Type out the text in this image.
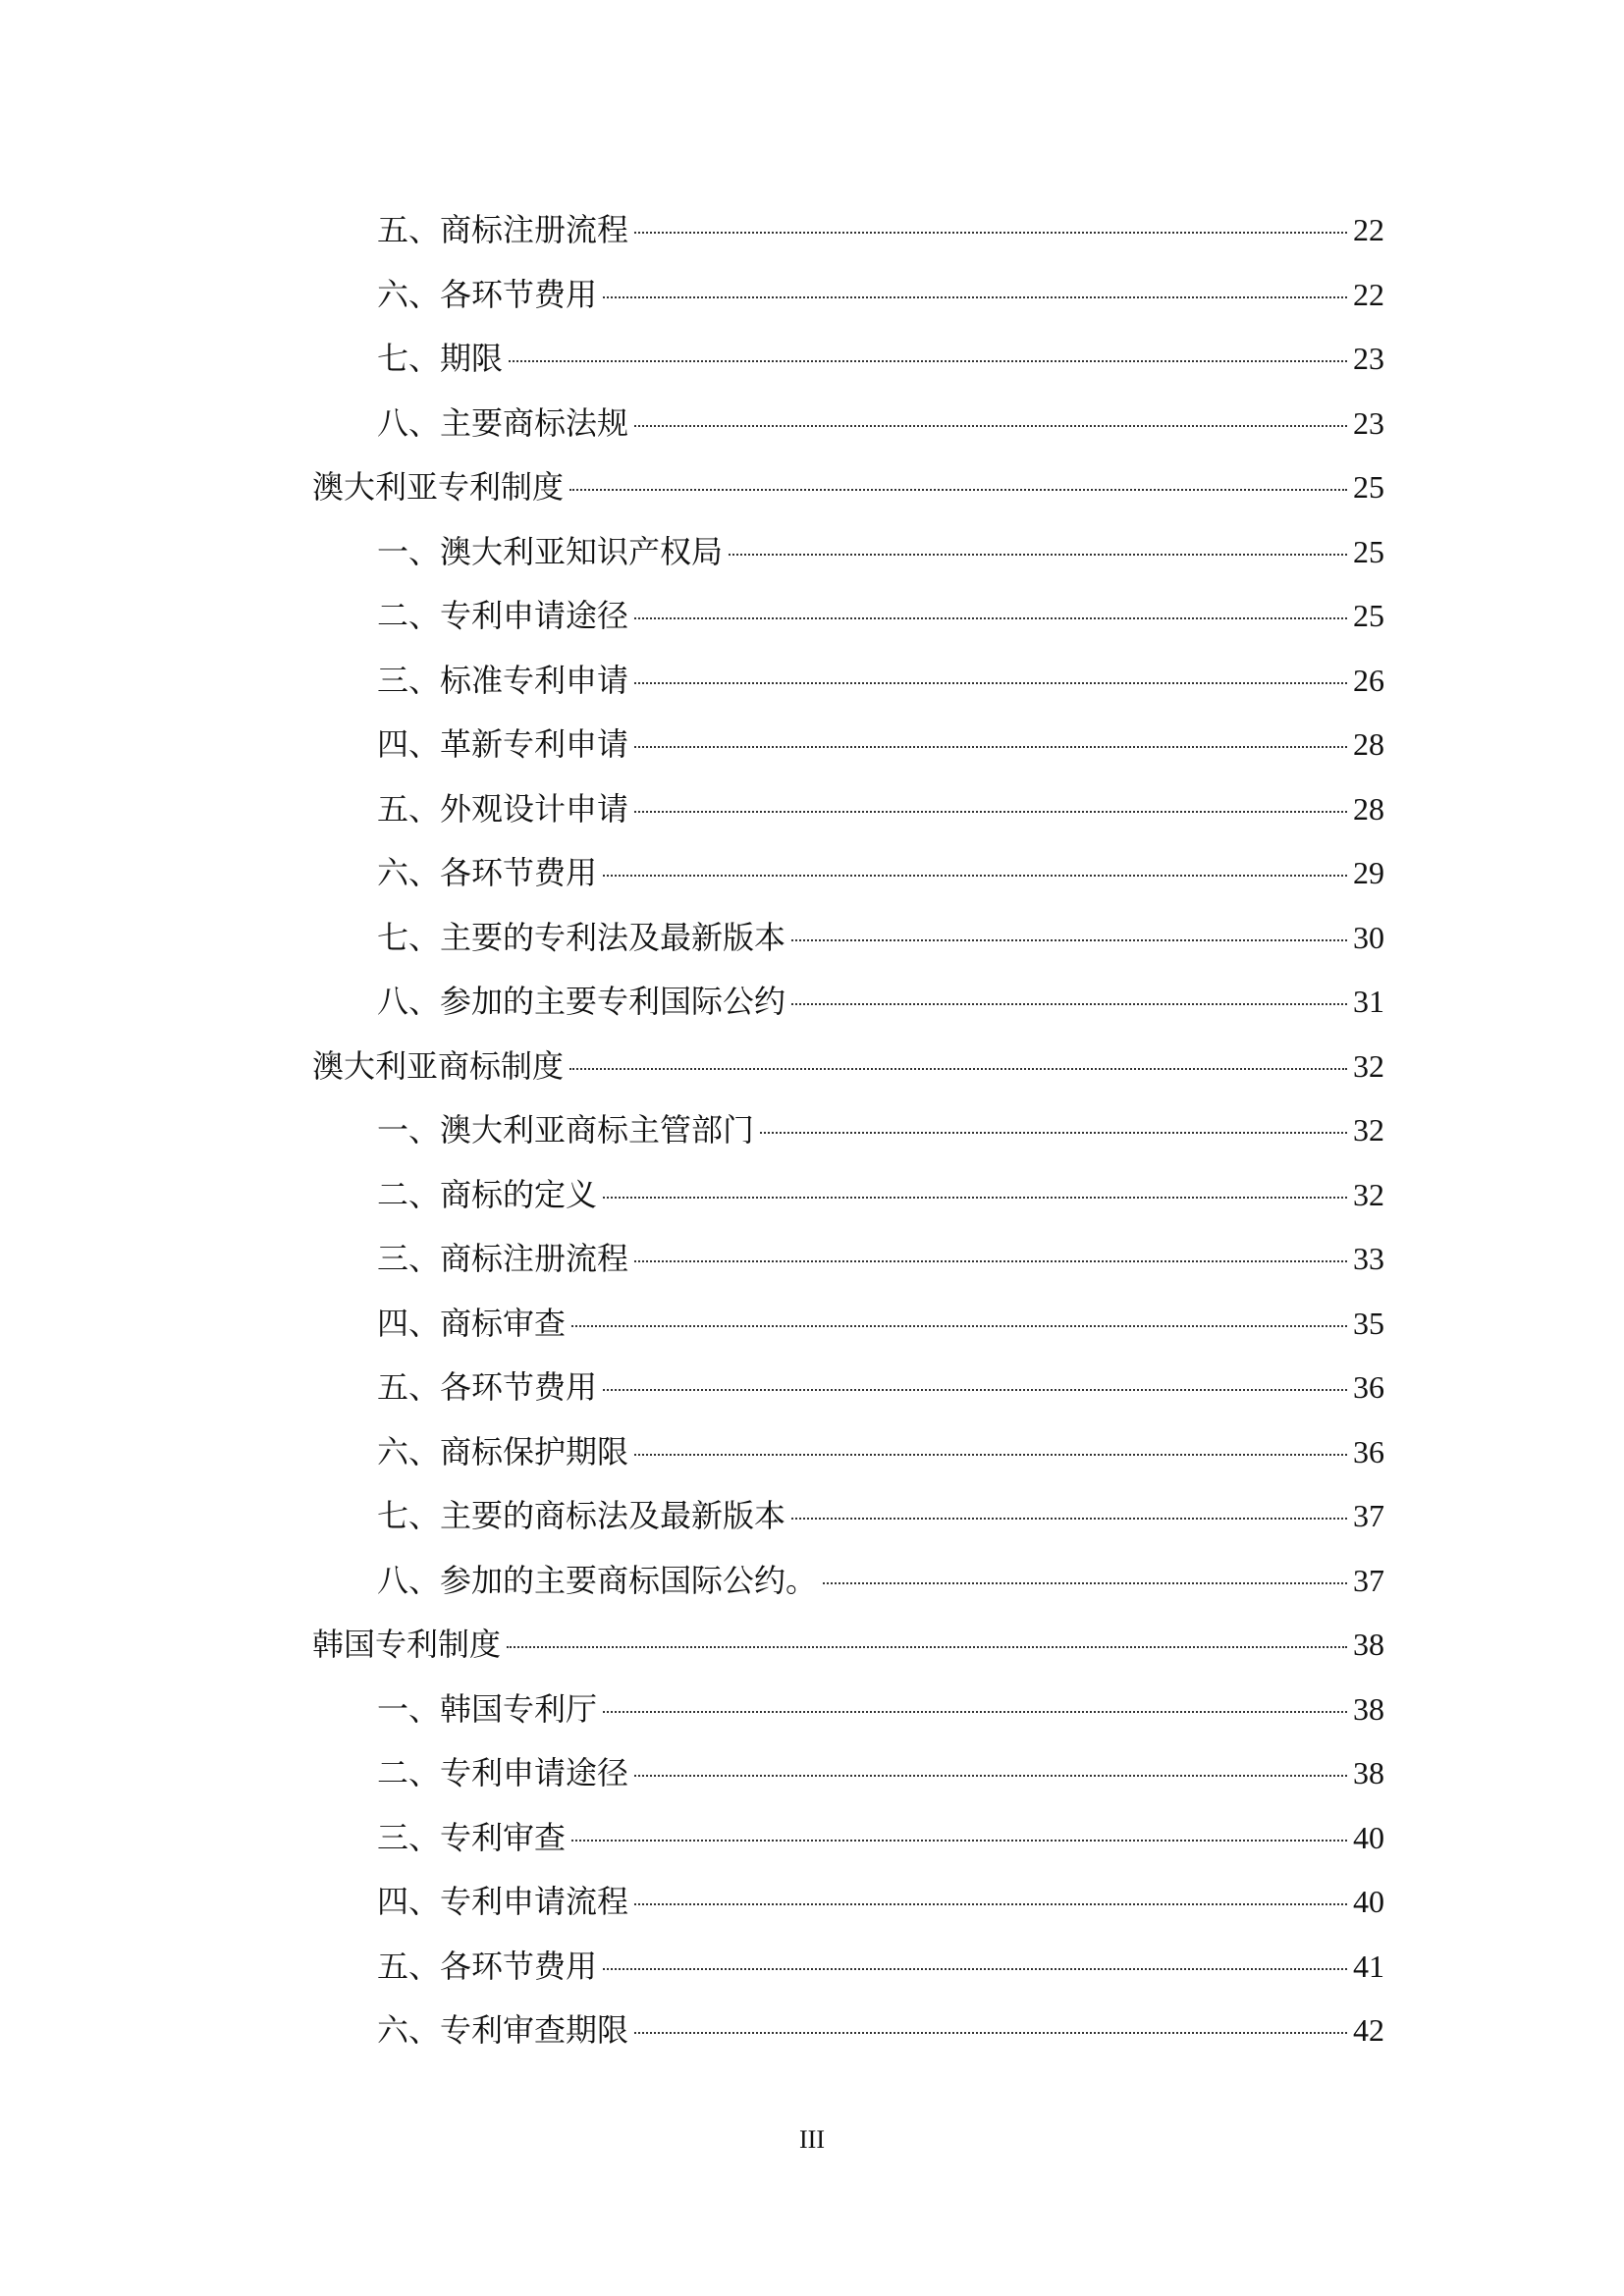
五、商标注册流程	22
六、各环节费用	22
七、期限	23
八、主要商标法规	23
澳大利亚专利制度	25
一、澳大利亚知识产权局	25
二、专利申请途径	25
三、标准专利申请	26
四、革新专利申请	28
五、外观设计申请	28
六、各环节费用	29
七、主要的专利法及最新版本	30
八、参加的主要专利国际公约	31
澳大利亚商标制度	32
一、澳大利亚商标主管部门	32
二、商标的定义	32
三、商标注册流程	33
四、商标审查	35
五、各环节费用	36
六、商标保护期限	36
七、主要的商标法及最新版本	37
八、参加的主要商标国际公约。	37
韩国专利制度	38
一、韩国专利厅	38
二、专利申请途径	38
三、专利审查	40
四、专利申请流程	40
五、各环节费用	41
六、专利审查期限	42
III
